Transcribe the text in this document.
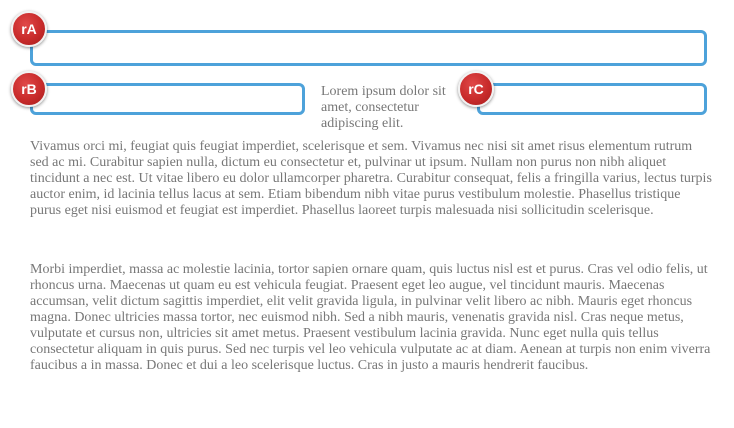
rA
rB	rC

Lorem ipsum dolor sit amet, consectetur adipiscing elit.

Vivamus orci mi, feugiat quis feugiat imperdiet, scelerisque et sem. Vivamus nec nisi sit amet risus elementum rutrum sed ac mi. Curabitur sapien nulla, dictum eu consectetur et, pulvinar ut ipsum. Nullam non purus non nibh aliquet tincidunt a nec est. Ut vitae libero eu dolor ullamcorper pharetra. Curabitur consequat, felis a fringilla varius, lectus turpis auctor enim, id lacinia tellus lacus at sem. Etiam bibendum nibh vitae purus vestibulum molestie. Phasellus tristique purus eget nisi euismod et feugiat est imperdiet. Phasellus laoreet turpis malesuada nisi sollicitudin scelerisque.

Morbi imperdiet, massa ac molestie lacinia, tortor sapien ornare quam, quis luctus nisl est et purus. Cras vel odio felis, ut rhoncus urna. Maecenas ut quam eu est vehicula feugiat. Praesent eget leo augue, vel tincidunt mauris. Maecenas accumsan, velit dictum sagittis imperdiet, elit velit gravida ligula, in pulvinar velit libero ac nibh. Mauris eget rhoncus magna. Donec ultricies massa tortor, nec euismod nibh. Sed a nibh mauris, venenatis gravida nisl. Cras neque metus, vulputate et cursus non, ultricies sit amet metus. Praesent vestibulum lacinia gravida. Nunc eget nulla quis tellus consectetur aliquam in quis purus. Sed nec turpis vel leo vehicula vulputate ac at diam. Aenean at turpis non enim viverra faucibus a in massa. Donec et dui a leo scelerisque luctus. Cras in justo a mauris hendrerit faucibus.
